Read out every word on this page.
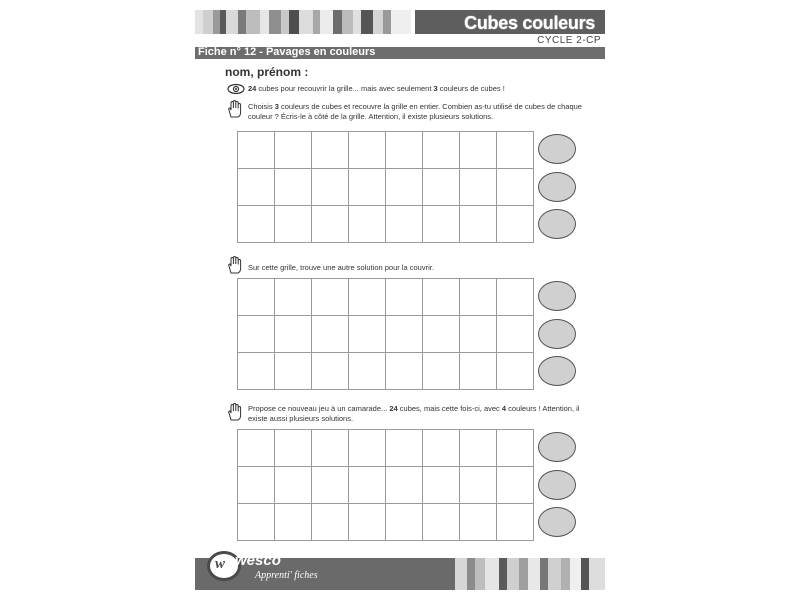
Cubes couleurs
CYCLE 2-CP
Fiche n° 12 - Pavages en couleurs
nom, prénom :
24 cubes pour recouvrir la grille... mais avec seulement 3 couleurs de cubes !
Choisis 3 couleurs de cubes et recouvre la grille en entier. Combien as-tu utilisé de cubes de chaque couleur ? Écris-le à côté de la grille. Attention, il existe plusieurs solutions.
Sur cette grille, trouve une autre solution pour la couvrir.
Propose ce nouveau jeu à un camarade... 24 cubes, mais cette fois-ci, avec 4 couleurs ! Attention, il existe aussi plusieurs solutions.
w wesco
Apprenti' fiches
